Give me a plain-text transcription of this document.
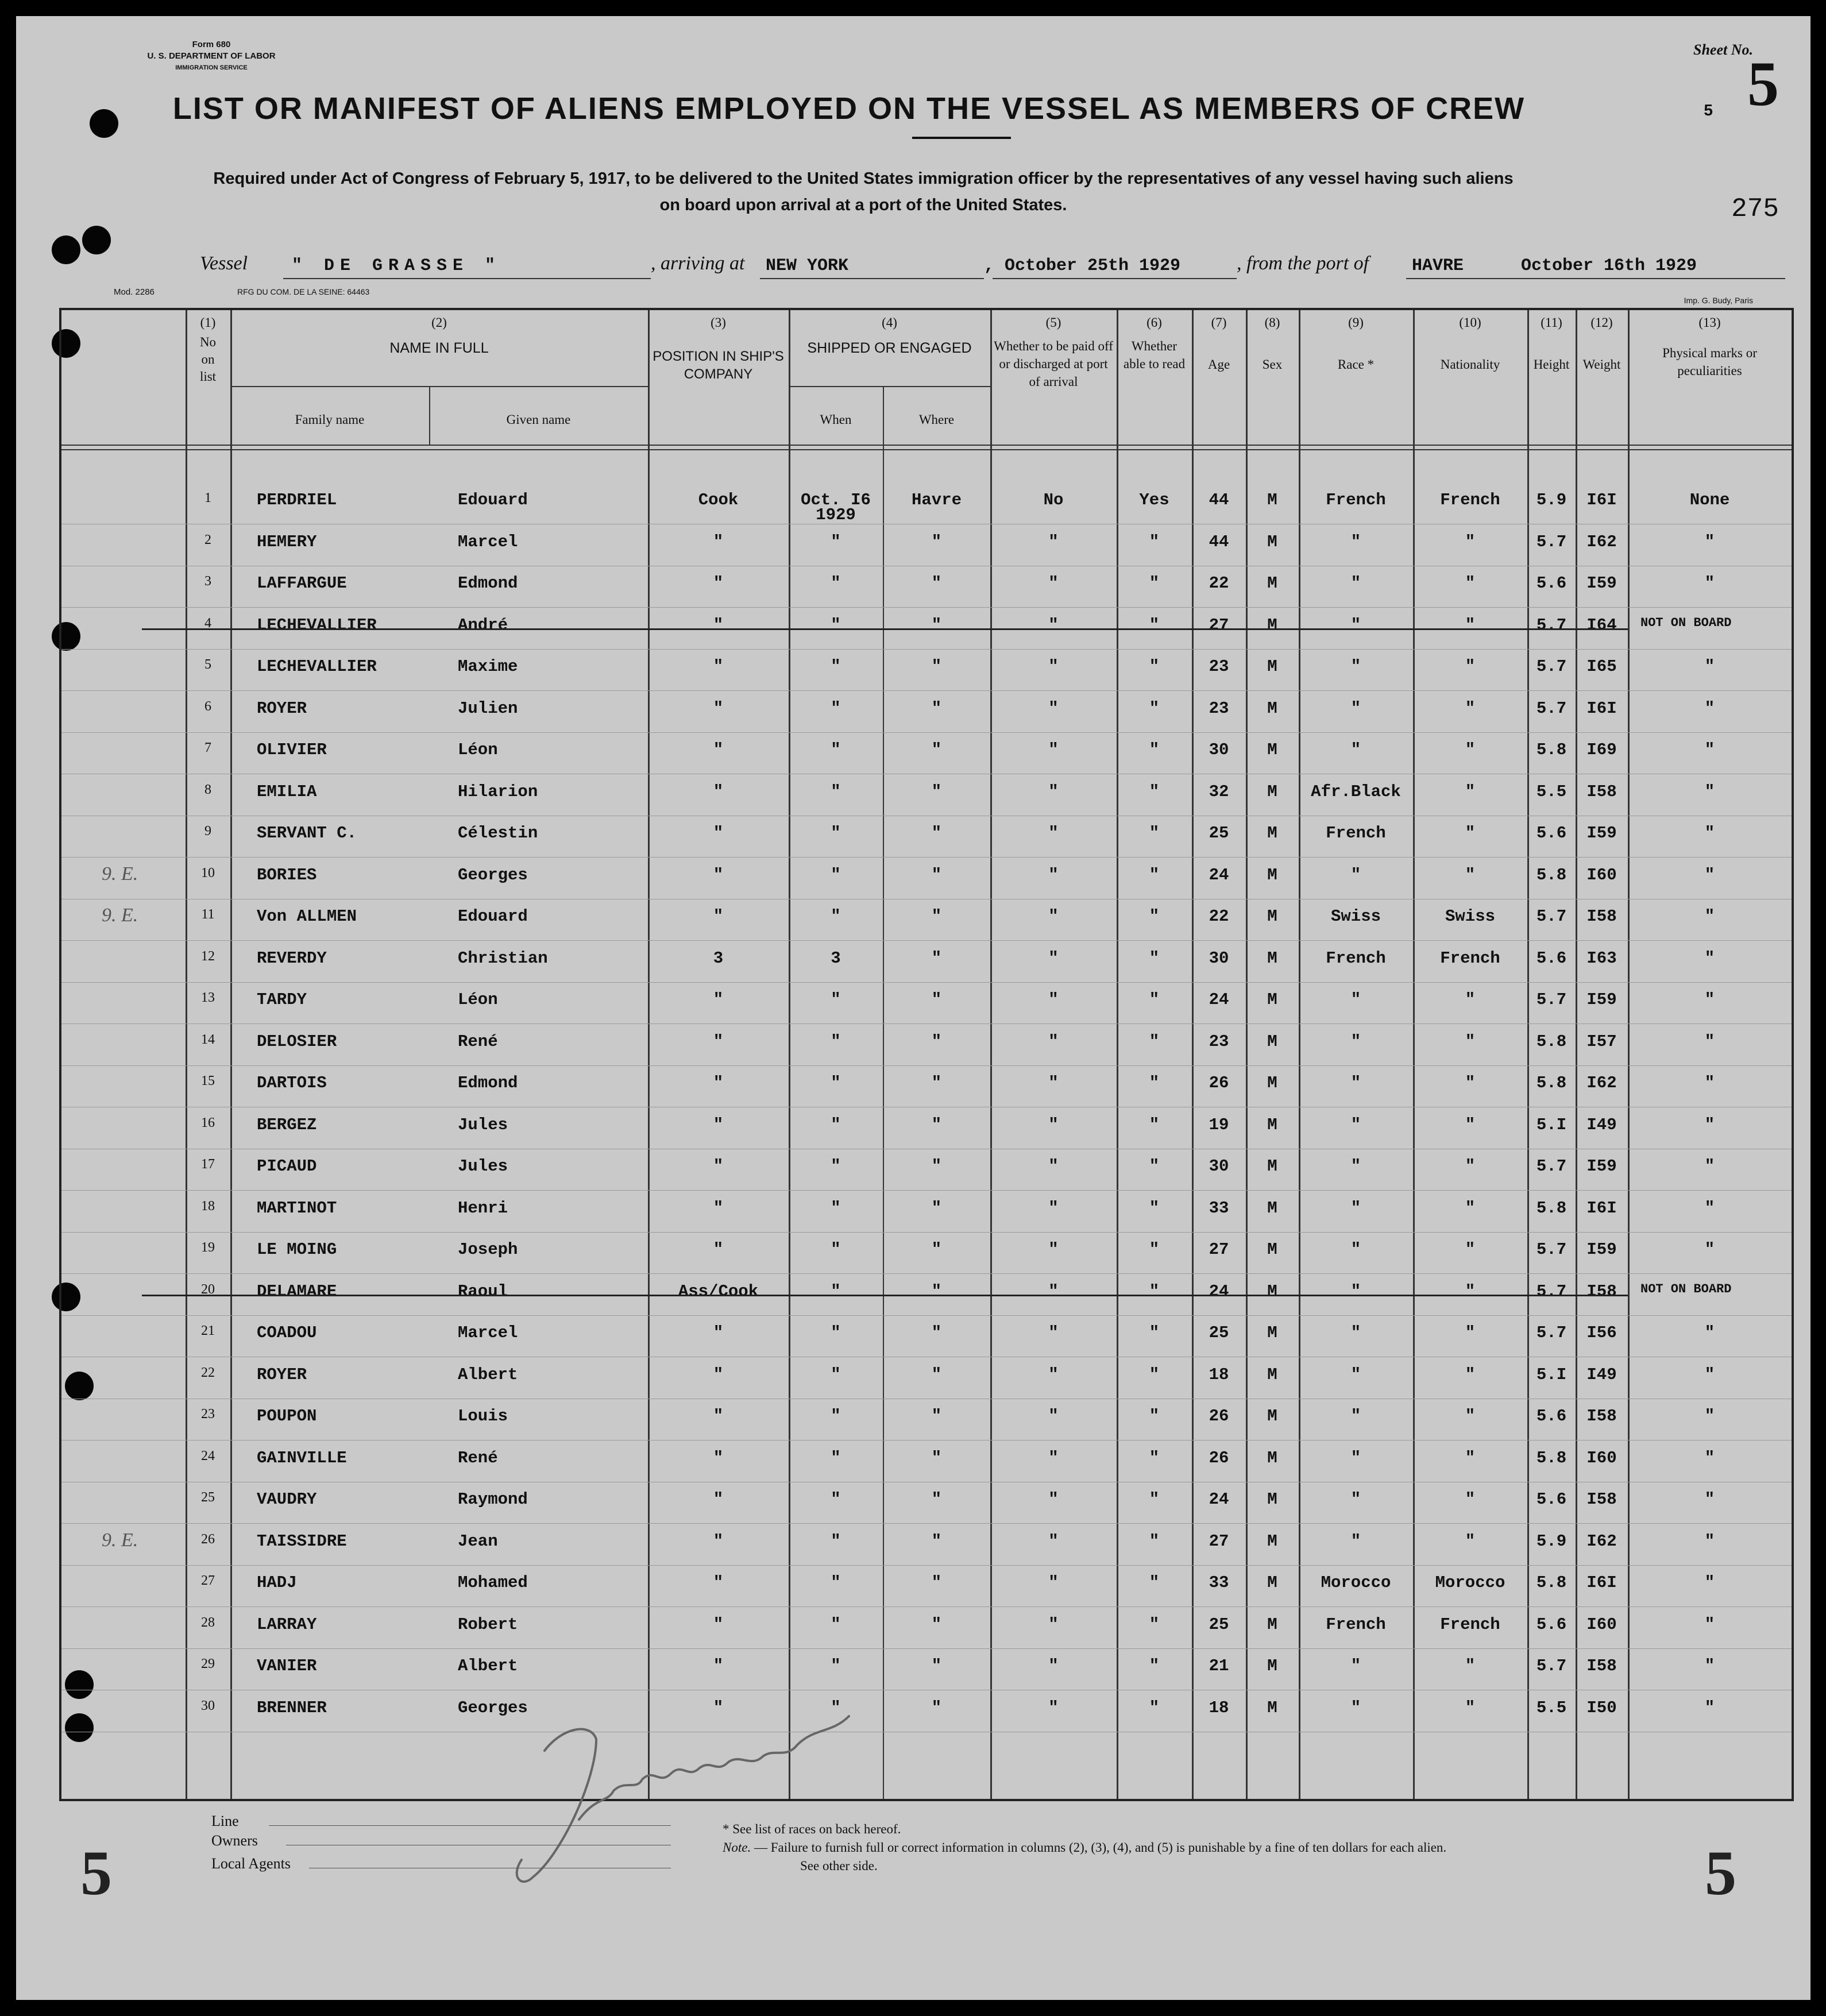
Form 680
U. S. DEPARTMENT OF LABOR
IMMIGRATION SERVICE
Sheet No.
5
5
LIST OR MANIFEST OF ALIENS EMPLOYED ON THE VESSEL AS MEMBERS OF CREW
Required under Act of Congress of February 5, 1917, to be delivered to the United States immigration officer by the representatives of any vessel having such aliens
on board upon arrival at a port of the United States.	275
Vessel	" DE GRASSE "	, arriving at NEW YORK	, October 25th 1929	, from the port of HAVRE	October 16th 1929
Mod. 2286	RFG DU COM. DE LA SEINE: 64463
Imp. G. Budy, Paris
(1)
No on list
(2)
NAME IN FULL
Family name	Given name
(3)
POSITION IN SHIP'S COMPANY
(4)
SHIPPED OR ENGAGED
When	Where
(5)
Whether to be paid off or discharged at port of arrival
(6)
Whether able to read
(7)
Age
(8)
Sex
(9)
Race *
(10)
Nationality
(11)
Height
(12)
Weight
(13)
Physical marks or peculiarities
1	PERDRIEL	Edouard	Cook	Oct. I6	Havre	No	Yes	44	M	French	French	5.9	I6I	None
1929
2	HEMERY	Marcel	"	"	"	"	"	44	M	"	"	5.7	I62	"
3	LAFFARGUE	Edmond	"	"	"	"	"	22	M	"	"	5.6	I59	"
4	LECHEVALLIER	André	"	"	"	"	"	27	M	"	"	5.7	I64	NOT ON BOARD
5	LECHEVALLIER	Maxime	"	"	"	"	"	23	M	"	"	5.7	I65	"
6	ROYER	Julien	"	"	"	"	"	23	M	"	"	5.7	I6I	"
7	OLIVIER	Léon	"	"	"	"	"	30	M	"	"	5.8	I69	"
8	EMILIA	Hilarion	"	"	"	"	"	32	M	Afr.Black	"	5.5	I58	"
9	SERVANT C.	Célestin	"	"	"	"	"	25	M	French	"	5.6	I59	"
10	BORIES	Georges	"	"	"	"	"	24	M	"	"	5.8	I60	"
11	Von ALLMEN	Edouard	"	"	"	"	"	22	M	Swiss	Swiss	5.7	I58	"
12	REVERDY	Christian	3	3	"	"	"	30	M	French	French	5.6	I63	"
13	TARDY	Léon	"	"	"	"	"	24	M	"	"	5.7	I59	"
14	DELOSIER	René	"	"	"	"	"	23	M	"	"	5.8	I57	"
15	DARTOIS	Edmond	"	"	"	"	"	26	M	"	"	5.8	I62	"
16	BERGEZ	Jules	"	"	"	"	"	19	M	"	"	5.I	I49	"
17	PICAUD	Jules	"	"	"	"	"	30	M	"	"	5.7	I59	"
18	MARTINOT	Henri	"	"	"	"	"	33	M	"	"	5.8	I6I	"
19	LE MOING	Joseph	"	"	"	"	"	27	M	"	"	5.7	I59	"
20	DELAMARE	Raoul	Ass/Cook	"	"	"	"	24	M	"	"	5.7	I58	NOT ON BOARD
21	COADOU	Marcel	"	"	"	"	"	25	M	"	"	5.7	I56	"
22	ROYER	Albert	"	"	"	"	"	18	M	"	"	5.I	I49	"
23	POUPON	Louis	"	"	"	"	"	26	M	"	"	5.6	I58	"
24	GAINVILLE	René	"	"	"	"	"	26	M	"	"	5.8	I60	"
25	VAUDRY	Raymond	"	"	"	"	"	24	M	"	"	5.6	I58	"
26	TAISSIDRE	Jean	"	"	"	"	"	27	M	"	"	5.9	I62	"
27	HADJ	Mohamed	"	"	"	"	"	33	M	Morocco	Morocco	5.8	I6I	"
28	LARRAY	Robert	"	"	"	"	"	25	M	French	French	5.6	I60	"
29	VANIER	Albert	"	"	"	"	"	21	M	"	"	5.7	I58	"
30	BRENNER	Georges	"	"	"	"	"	18	M	"	"	5.5	I50	"
9. E.
9. E.
9. E.
Line
Owners
Local Agents
* See list of races on back hereof.
Note. — Failure to furnish full or correct information in columns (2), (3), (4), and (5) is punishable by a fine of ten dollars for each alien.
See other side.
5	5
